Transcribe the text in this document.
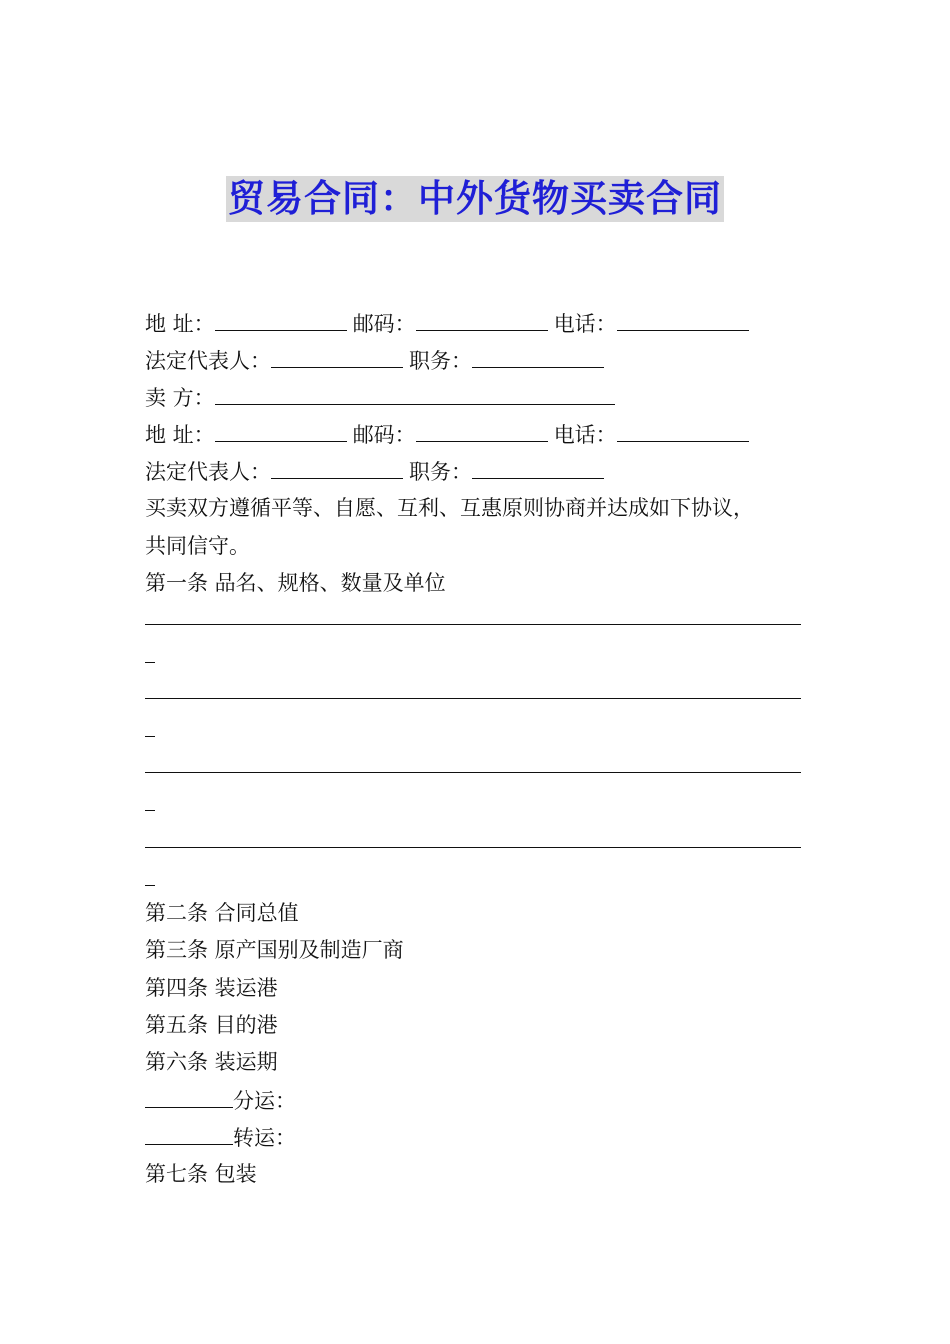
贸易合同：中外货物买卖合同
地 址：	邮码：	电话：
法定代表人：	职务：
卖 方：
地 址：	邮码：	电话：
法定代表人：	职务：
买卖双方遵循平等、自愿、互利、互惠原则协商并达成如下协议，
共同信守。
第一条 品名、规格、数量及单位
第二条 合同总值
第三条 原产国别及制造厂商
第四条 装运港
第五条 目的港
第六条 装运期
分运：
转运：
第七条 包装
